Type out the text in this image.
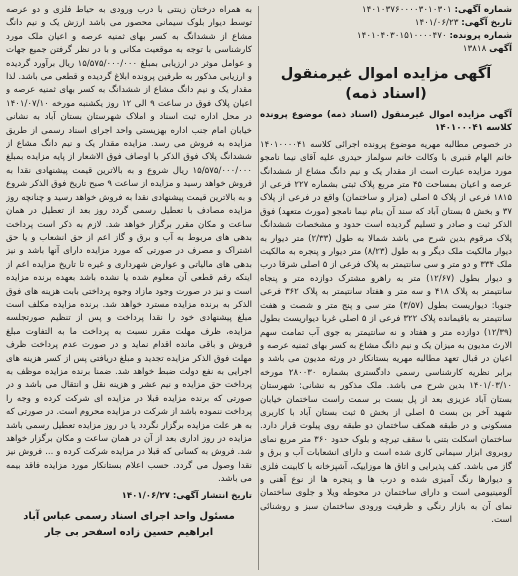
شماره آگهی: ۱۴۰۱۰۳۷۶۰۰۰۰۳۰۱۰۳۰۱
تاریخ آگهی: ۱۴۰۱/۰۶/۲۳
شماره پرونده: ۱۴۰۱۰۴۰۳۰۱۵۱۰۰۰۰۴۷۰
آگهی ۱۳۸۱۸
آگهی مزایده اموال غیرمنقول (اسناد ذمه)
آگهی مزایده اموال غیرمنقول (اسناد ذمه) موضوع پرونده کلاسه ۱۴۰۱۰۰۰۴۱

در خصوص مطالبه مهریه موضوع پرونده اجرائی کلاسه ۱۴۰۱۰۰۰۰۴۱ خانم الهام قنبری با وکالت خانم سولماز حیدری علیه آقای نیما نامجو مورد مزایده عبارت است از مقدار یک و نیم دانگ مشاع از ششدانگ عرصه و اعیان بمساحت ۴۵ متر مربع پلاک ثبتی بشماره ۲۲۷ فرعی از ۱۸۱۵ فرعی از پلاک ۵ اصلی (مزار و ساختمان) واقع در فرعی از پلاک ۳۷ و بخش ۵ بستان آباد که سند آن بنام نیما نامجو (مورث متعهد) فوق الذکر ثبت و صادر و تسلیم گردیده است حدود و مشخصات ششدانگ پلاک مرقوم بدین شرح می باشد شمالا به طول (۲/۳۳) متر دیوار به دیوار مالکیت ملک دیگر و به طول (۸/۲۳) متر دیوار و پنجره به مالکیت ملک ۳۳۴ و دو متر و سی سانتیمتر به پلاک فرعی از ۵ اصلی شرقا درب و دیوار بطول (۱۲/۶۷) متر به راهرو مشترک دوازده متر و پنجاه سانتیمتر به پلاک ۴۱۸ و سه متر و هفتاد سانتیمتر به پلاک ۳۶۲ فرعی جنوبا: دیواریست بطول (۳/۵۷) متر سی و پنج متر و شصت و هفت سانتیمتر به باقیمانده پلاک ۳۲۲ فرعی از ۵ اصلی غربا دیواریست بطول (۱۲/۳۹) دوازده متر و هفتاد و نه سانتیمتر به جوی آب تمامت سهم الارث مدیون به میزان یک و نیم دانگ مشاع به کسر بهای ثمنیه عرصه و اعیان در قبال تعهد مطالبه مهریه بستانکار در ورثه مدیون می باشد و برابر نظریه کارشناسی رسمی دادگستری بشماره ۲۸۰۰۳۰ مورخه ۱۴۰۱/۰۳/۱۰ بدین شرح می باشد. ملک مذکور به نشانی: شهرستان بستان آباد عزیزی بعد از پل بست بر سمت راست ساختمان خیابان شهید آخر بن بست ۵ اصلی از بخش ۵ ثبت بستان آباد با کاربری مسکونی و در طبقه همکف ساختمان دو طبقه روی پیلوت قرار دارد. ساختمان اسکلت بتنی با سقف تیرچه و بلوک حدود ۳۶۰ متر مربع نمای روبروی ابزار سیمانی کاری شده است و دارای انشعابات آب و برق و گاز می باشد. کف پذیرایی و اتاق ها موزاییک، آشپزخانه با کابینت فلزی و دیوارها رنگ آمیزی شده و درب ها و پنجره ها از نوع آهنی و آلومینیومی است و دارای ساختمان در محوطه ویلا و جلوی ساختمان نمای آن به بازار رنگی و ظرفیت ورودی ساختمان سبز و روشنائی است.

به همراه درختان زینتی با درب ورودی به حیاط فلزی و دو عرصه توسط دیوار بلوک سیمانی محصور می باشد ارزش یک و نیم دانگ مشاع از ششدانگ به کسر بهای ثمنیه عرصه و اعیان ملک مورد کارشناسی با توجه به موقعیت مکانی و با در نظر گرفتن جمیع جهات و عوامل موثر در ارزیابی بمبلغ ۱۵/۵۷۵/۰۰۰/۰۰۰ ریال برآورد گردیده و ارزیابی مذکور به طرفین پرونده ابلاغ گردیده و قطعی می باشد. لذا مقدار یک و نیم دانگ مشاع از ششدانگ به کسر بهای ثمنیه عرصه و اعیان پلاک فوق در ساعت ۹ الی ۱۲ روز یکشنبه مورخه ۱۴۰۱/۰۷/۱۰ در محل اداره ثبت اسناد و املاک شهرستان بستان آباد به نشانی خیابان امام جنب اداره بهزیستی واحد اجرای اسناد رسمی از طریق مزایده به فروش می رسد. مزایده مقدار یک و نیم دانگ مشاع از ششدانگ پلاک فوق الذکر با اوصاف فوق الاشعار از پایه مزایده بمبلغ ۱۵/۵۷۵/۰۰۰/۰۰۰ ریال شروع و به بالاترین قیمت پیشنهادی نقدا به فروش خواهد رسید و مزایده از ساعت ۹ صبح تاریخ فوق الذکر شروع و به بالاترین قیمت پیشنهادی نقدا به فروش خواهد رسید و چنانچه روز مزایده مصادف با تعطیل رسمی گردد روز بعد از تعطیل در همان ساعت و مکان مقرر برگزار خواهد شد. لازم به ذکر است پرداخت بدهی های مربوط به آب و برق و گاز اعم از حق انشعاب و یا حق اشتراک و مصرف در صورتی که مورد مزایده دارای آنها باشد و نیز بدهی های مالیاتی و عوارض شهرداری و غیره تا تاریخ مزایده اعم از اینکه رقم قطعی آن معلوم شده یا نشده باشد بعهده برنده مزایده است و نیز در صورت وجود مازاد وجوه پرداختی بابت هزینه های فوق الذکر به برنده مزایده مسترد خواهد شد. برنده مزایده مکلف است مبلغ پیشنهادی خود را نقدا پرداخت و پس از تنظیم صورتجلسه مزایده، ظرف مهلت مقرر نسبت به پرداخت ما به التفاوت مبلغ فروش و باقی مانده اقدام نماید و در صورت عدم پرداخت ظرف مهلت فوق الذکر مزایده تجدید و مبلغ دریافتی پس از کسر هزینه های اجرایی به نفع دولت ضبط خواهد شد. ضمنا برنده مزایده موظف به پرداخت حق مزایده و نیم عشر و هزینه نقل و انتقال می باشد و در صورتی که برنده مزایده قبلا در مزایده ای شرکت کرده و وجه را پرداخت ننموده باشد از شرکت در مزایده محروم است. در صورتی که به هر علت مزایده برگزار نگردد یا در روز مزایده تعطیل رسمی باشد مزایده در روز اداری بعد از آن در همان ساعت و مکان برگزار خواهد شد. فروش به کسانی که قبلا در مزایده شرکت کرده و ... فروش نیز نقدا وصول می گردد. حسب اعلام بستانکار مورد مزایده فاقد بیمه می باشد.

تاریخ انتشار آگهی: ۱۴۰۱/۰۶/۲۷
مسئول واحد اجرای اسناد رسمی عباس آباد
ابراهیم حسین زاده اسفحر بی جار
